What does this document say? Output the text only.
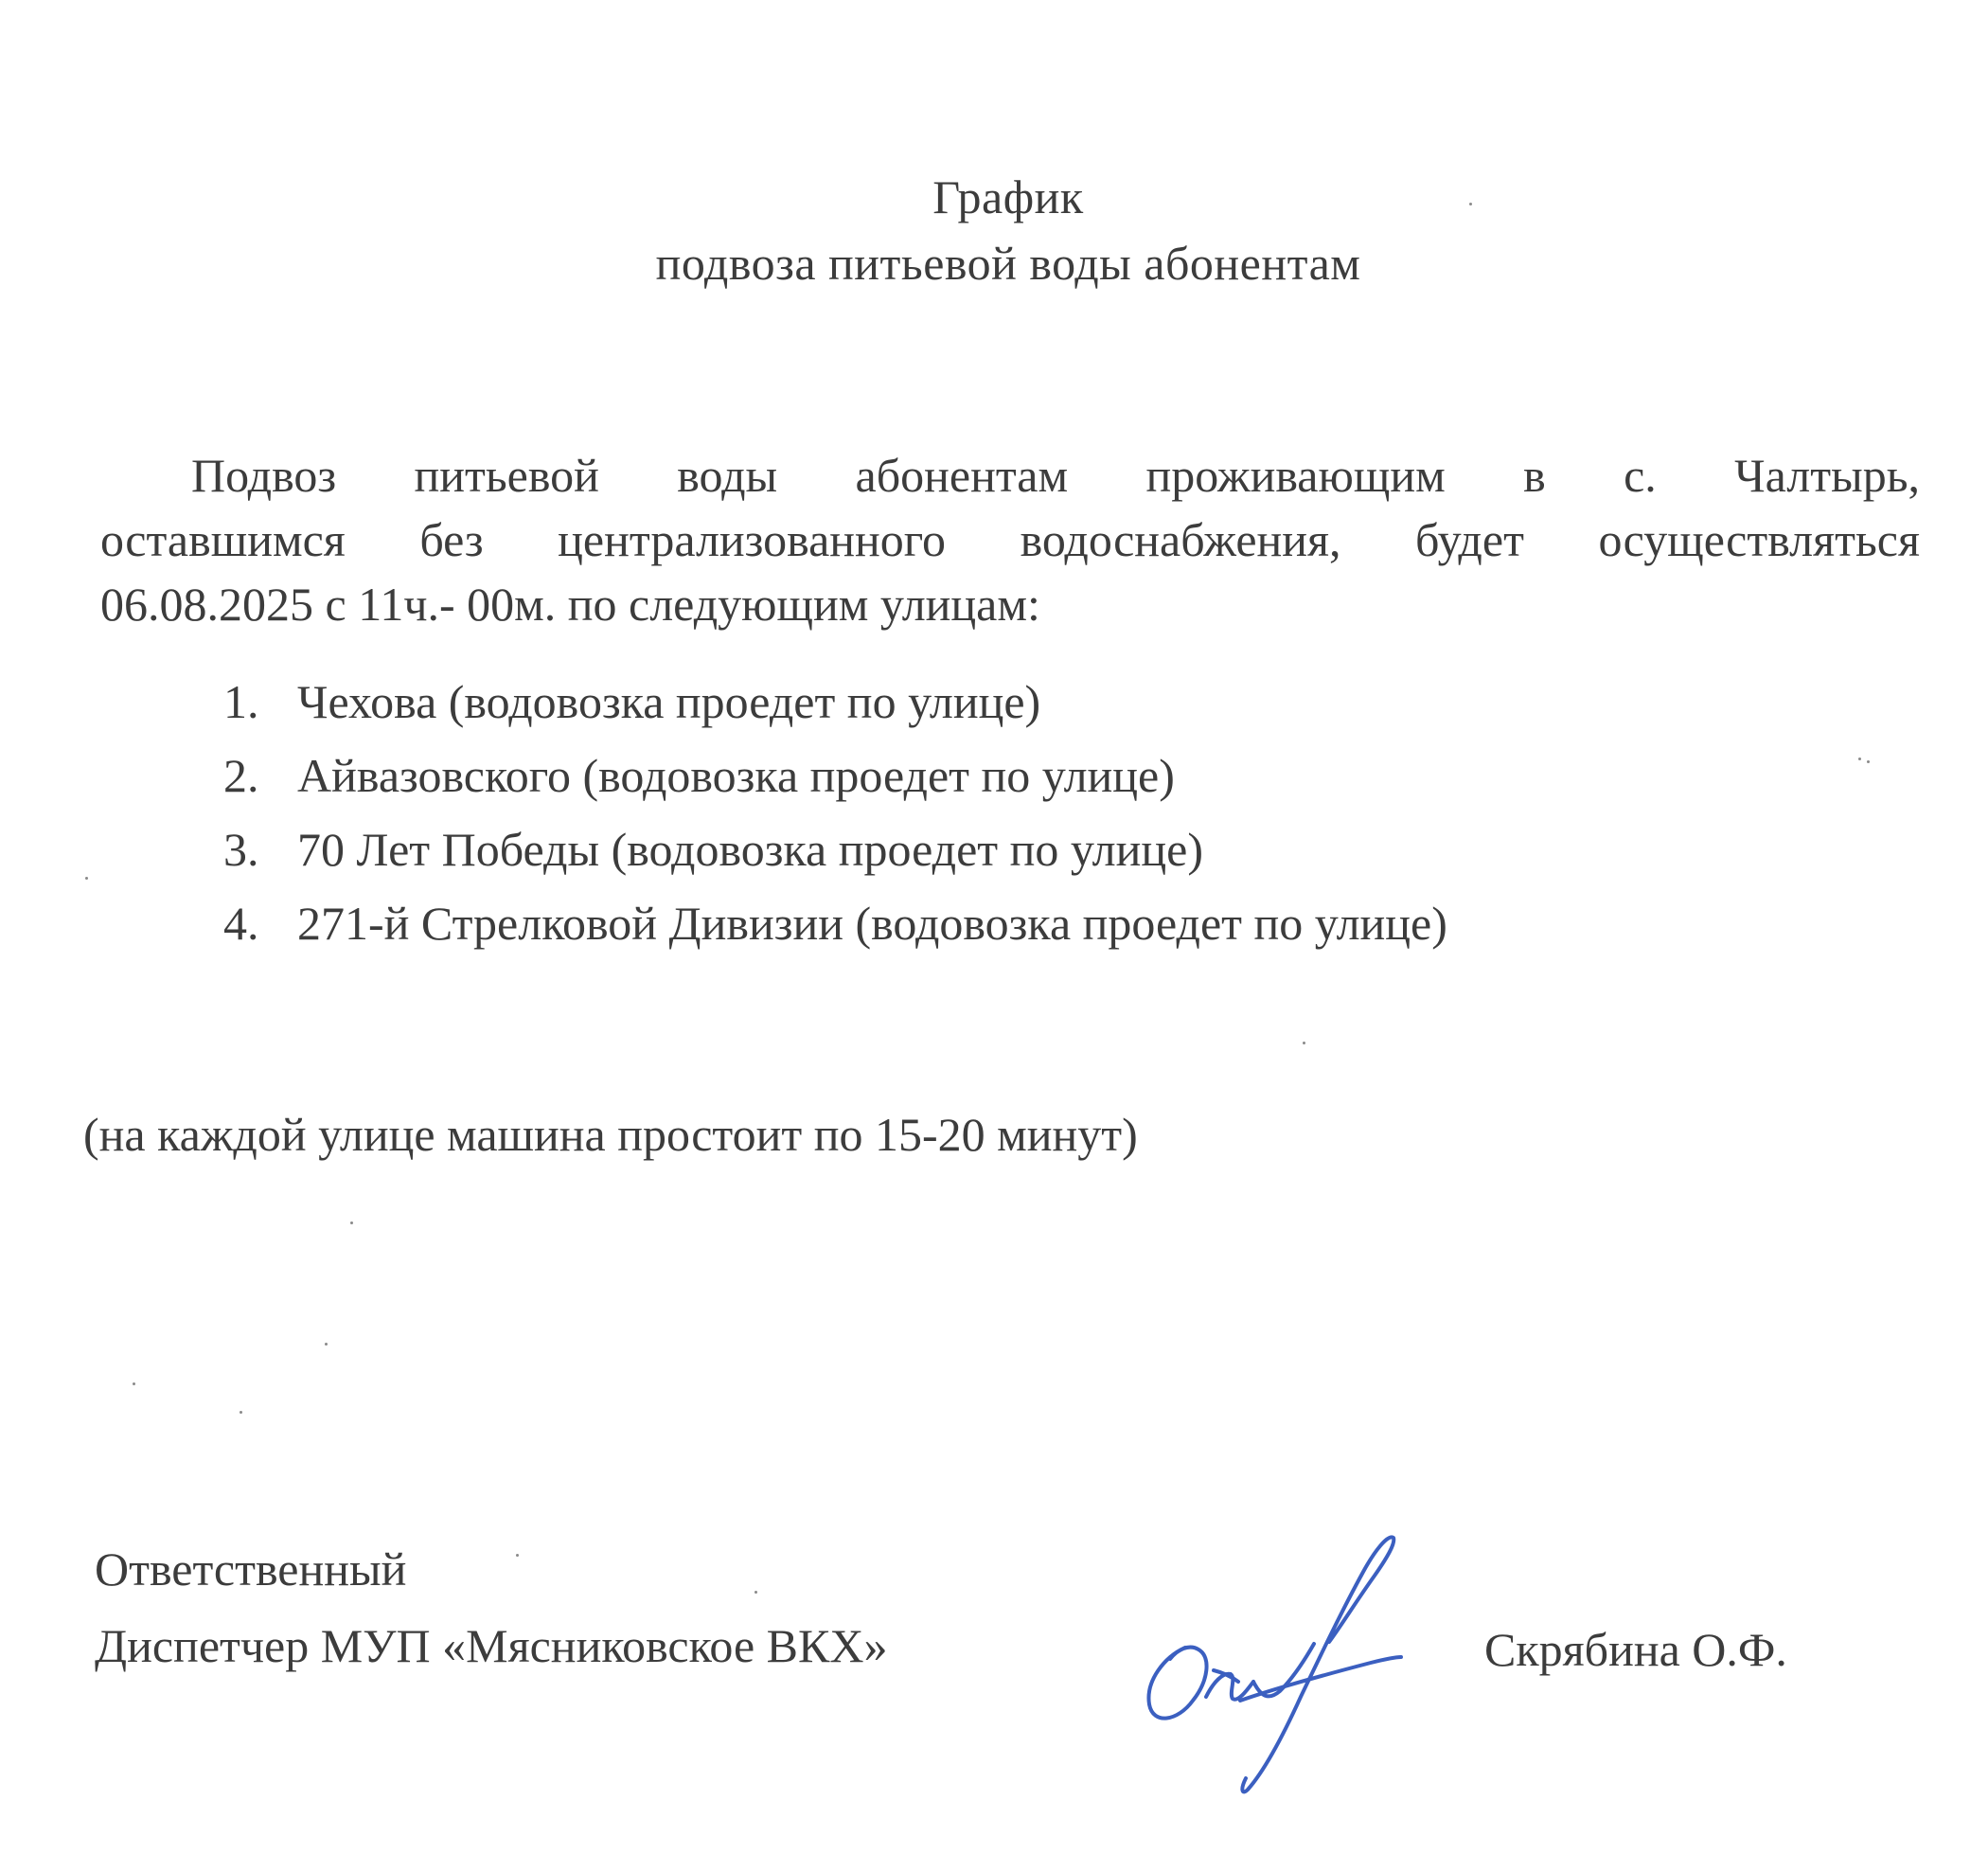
График
подвоза питьевой воды абонентам
Подвоз питьевой воды абонентам проживающим в с. Чалтырь,
оставшимся без централизованного водоснабжения, будет осуществляться
06.08.2025 с 11ч.- 00м. по следующим улицам:
1. Чехова (водовозка проедет по улице)
2. Айвазовского (водовозка проедет по улице)
3. 70 Лет Победы (водовозка проедет по улице)
4. 271-й Стрелковой Дивизии (водовозка проедет по улице)
(на каждой улице машина простоит по 15-20 минут)
Ответственный
Диспетчер МУП «Мясниковское ВКХ»	Скрябина О.Ф.
